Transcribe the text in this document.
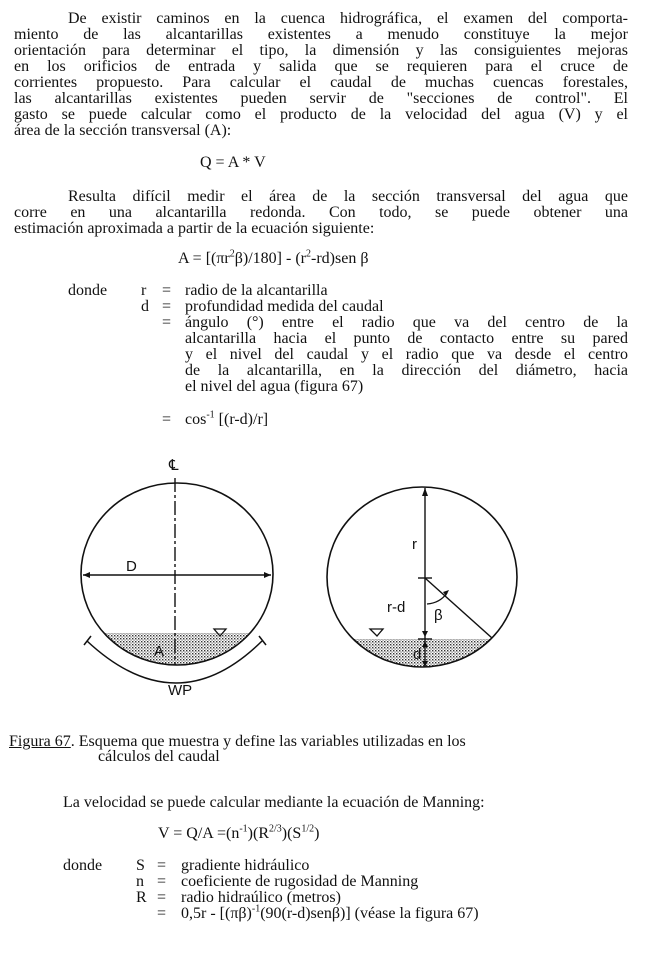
De existir caminos en la cuenca hidrográfica, el examen del comporta-
miento de las alcantarillas existentes a menudo constituye la mejor
orientación para determinar el tipo, la dimensión y las consiguientes mejoras
en los orificios de entrada y salida que se requieren para el cruce de
corrientes propuesto. Para calcular el caudal de muchas cuencas forestales,
las alcantarillas existentes pueden servir de "secciones de control". El
gasto se puede calcular como el producto de la velocidad del agua (V) y el
área de la sección transversal (A):
Q = A * V
Resulta difícil medir el área de la sección transversal del agua que
corre en una alcantarilla redonda. Con todo, se puede obtener una
estimación aproximada a partir de la ecuación siguiente:
$A = [(\pi r^2\beta)/180] - (r^2-rd)sen$ β
donde r = radio de la alcantarilla
d = profundidad medida del caudal
= ángulo (°) entre el radio que va del centro de la
alcantarilla hacia el punto de contacto entre su pared
y el nivel del caudal y el radio que va desde el centro
de la alcantarilla, en la dirección del diámetro, hacia
el nivel del agua (figura 67)
= $\cos^{-1} [(r-d)/r]$
℄
D
A
WP
r
r-d β
d
Figura 67. Esquema que muestra y define las variables utilizadas en los
cálculos del caudal
La velocidad se puede calcular mediante la ecuación de Manning:
$V = Q/A =(n^{-1})(R^{2/3})(S^{1/2})$
donde S = gradiente hidráulico
n = coeficiente de rugosidad de Manning
R = radio hidraúlico (metros)
= $0,5r - [(\pi\beta)^{-1}(90(r-d)sen\beta)]$ (véase la figura 67)
